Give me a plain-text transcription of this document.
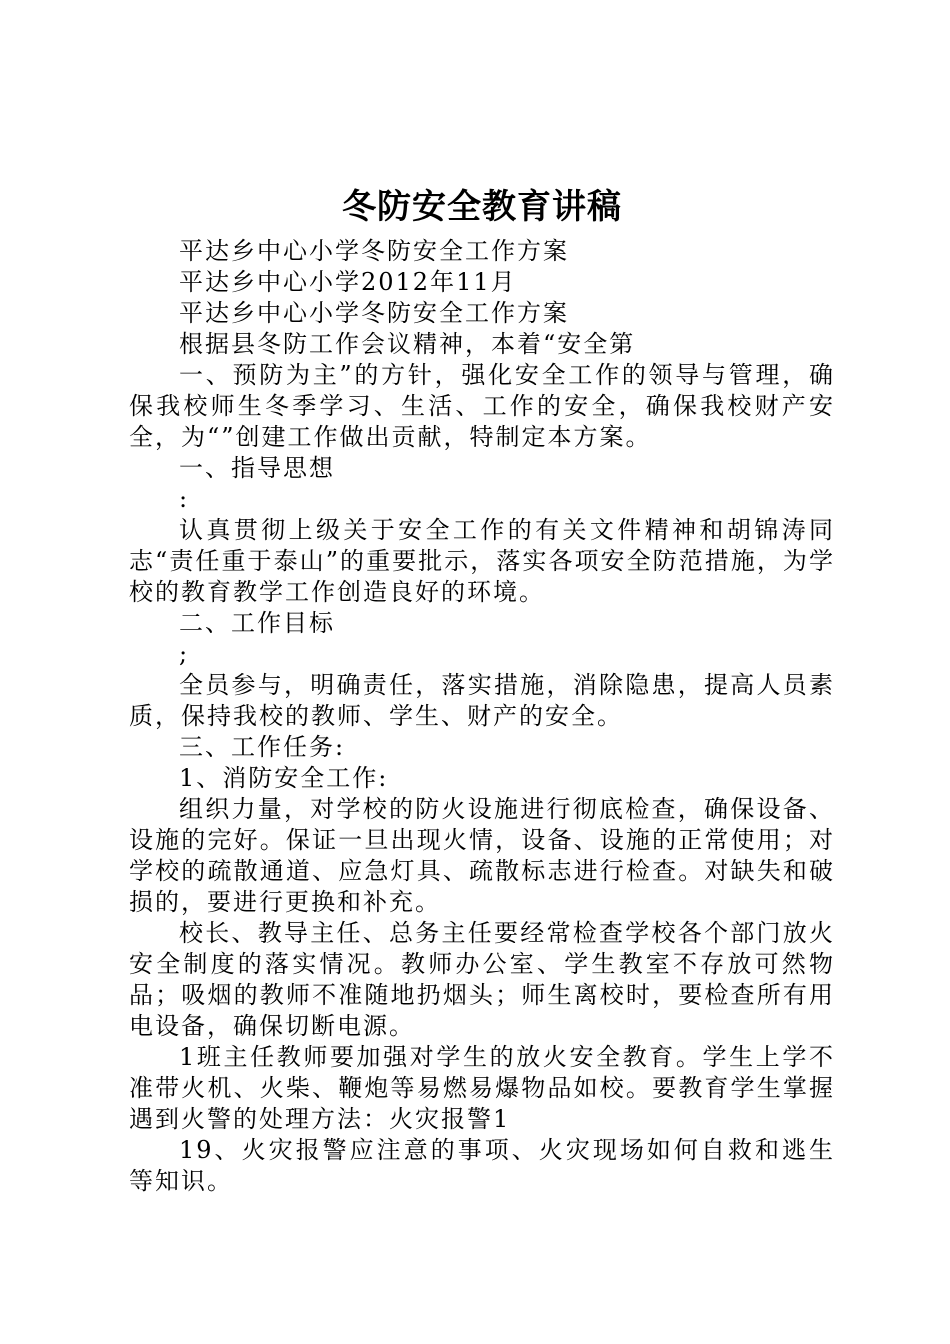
冬防安全教育讲稿

平达乡中心小学冬防安全工作方案

平达乡中心小学2012年11月

平达乡中心小学冬防安全工作方案

根据县冬防工作会议精神，本着“安全第

一、预防为主”的方针，强化安全工作的领导与管理，确保我校师生冬季学习、生活、工作的安全，确保我校财产安全，为“”创建工作做出贡献，特制定本方案。

一、指导思想

:

认真贯彻上级关于安全工作的有关文件精神和胡锦涛同志“责任重于泰山”的重要批示，落实各项安全防范措施，为学校的教育教学工作创造良好的环境。

二、工作目标

;

全员参与，明确责任，落实措施，消除隐患，提高人员素质，保持我校的教师、学生、财产的安全。

三、工作任务:

1、消防安全工作:

组织力量，对学校的防火设施进行彻底检查，确保设备、设施的完好。保证一旦出现火情，设备、设施的正常使用；对学校的疏散通道、应急灯具、疏散标志进行检查。对缺失和破损的，要进行更换和补充。

校长、教导主任、总务主任要经常检查学校各个部门放火安全制度的落实情况。教师办公室、学生教室不存放可然物品；吸烟的教师不准随地扔烟头；师生离校时，要检查所有用电设备，确保切断电源。

1班主任教师要加强对学生的放火安全教育。学生上学不准带火机、火柴、鞭炮等易燃易爆物品如校。要教育学生掌握遇到火警的处理方法：火灾报警1

19、火灾报警应注意的事项、火灾现场如何自救和逃生等知识。
